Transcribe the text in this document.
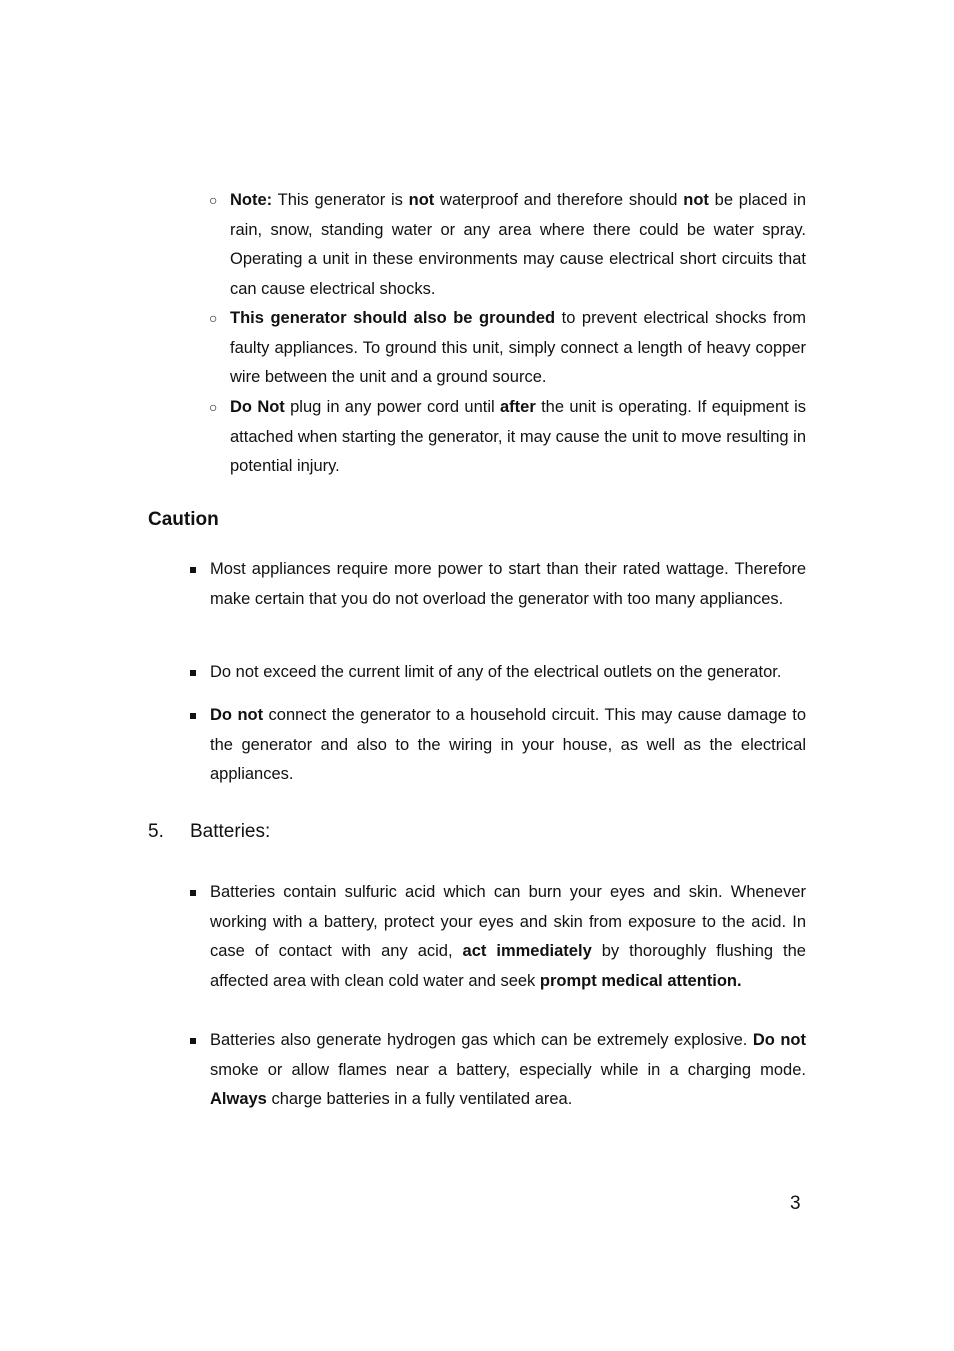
○ Note: This generator is not waterproof and therefore should not be placed in rain, snow, standing water or any area where there could be water spray. Operating a unit in these environments may cause electrical short circuits that can cause electrical shocks.

○ This generator should also be grounded to prevent electrical shocks from faulty appliances. To ground this unit, simply connect a length of heavy copper wire between the unit and a ground source.

○ Do Not plug in any power cord until after the unit is operating. If equipment is attached when starting the generator, it may cause the unit to move resulting in potential injury.

Caution

Most appliances require more power to start than their rated wattage. Therefore make certain that you do not overload the generator with too many appliances.

Do not exceed the current limit of any of the electrical outlets on the generator.

Do not connect the generator to a household circuit. This may cause damage to the generator and also to the wiring in your house, as well as the electrical appliances.

5. Batteries:

Batteries contain sulfuric acid which can burn your eyes and skin. Whenever working with a battery, protect your eyes and skin from exposure to the acid. In case of contact with any acid, act immediately by thoroughly flushing the affected area with clean cold water and seek prompt medical attention.

Batteries also generate hydrogen gas which can be extremely explosive. Do not smoke or allow flames near a battery, especially while in a charging mode. Always charge batteries in a fully ventilated area.

3
